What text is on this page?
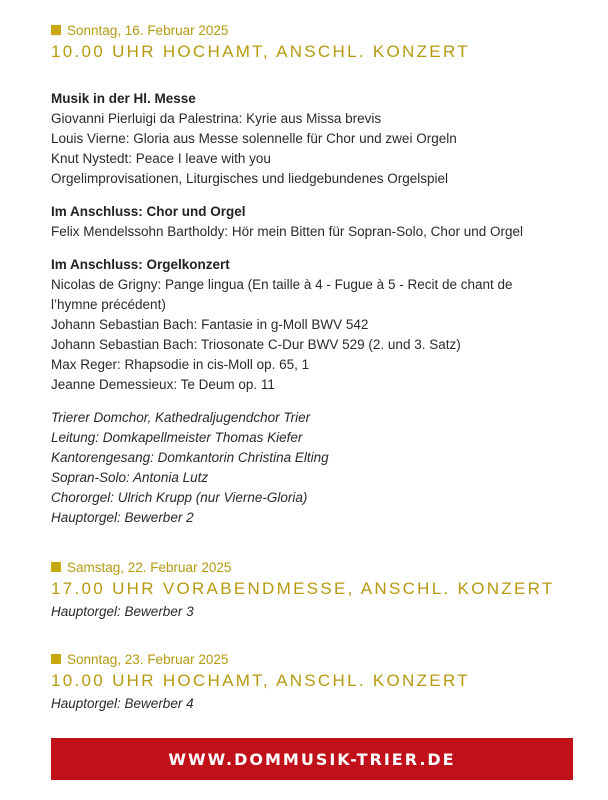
Sonntag, 16. Februar 2025
10.00 UHR HOCHAMT, ANSCHL. KONZERT
Musik in der Hl. Messe
Giovanni Pierluigi da Palestrina: Kyrie aus Missa brevis
Louis Vierne: Gloria aus Messe solennelle für Chor und zwei Orgeln
Knut Nystedt: Peace I leave with you
Orgelimprovisationen, Liturgisches und liedgebundenes Orgelspiel
Im Anschluss: Chor und Orgel
Felix Mendelssohn Bartholdy: Hör mein Bitten für Sopran-Solo, Chor und Orgel
Im Anschluss: Orgelkonzert
Nicolas de Grigny: Pange lingua (En taille à 4 - Fugue à 5 - Recit de chant de
l’hymne précédent)
Johann Sebastian Bach: Fantasie in g-Moll BWV 542
Johann Sebastian Bach: Triosonate C-Dur BWV 529 (2. und 3. Satz)
Max Reger: Rhapsodie in cis-Moll op. 65, 1
Jeanne Demessieux: Te Deum op. 11
Trierer Domchor, Kathedraljugendchor Trier
Leitung: Domkapellmeister Thomas Kiefer
Kantorengesang: Domkantorin Christina Elting
Sopran-Solo: Antonia Lutz
Chororgel: Ulrich Krupp (nur Vierne-Gloria)
Hauptorgel: Bewerber 2
Samstag, 22. Februar 2025
17.00 UHR VORABENDMESSE, ANSCHL. KONZERT
Hauptorgel: Bewerber 3
Sonntag, 23. Februar 2025
10.00 UHR HOCHAMT, ANSCHL. KONZERT
Hauptorgel: Bewerber 4
WWW.DOMMUSIK-TRIER.DE
